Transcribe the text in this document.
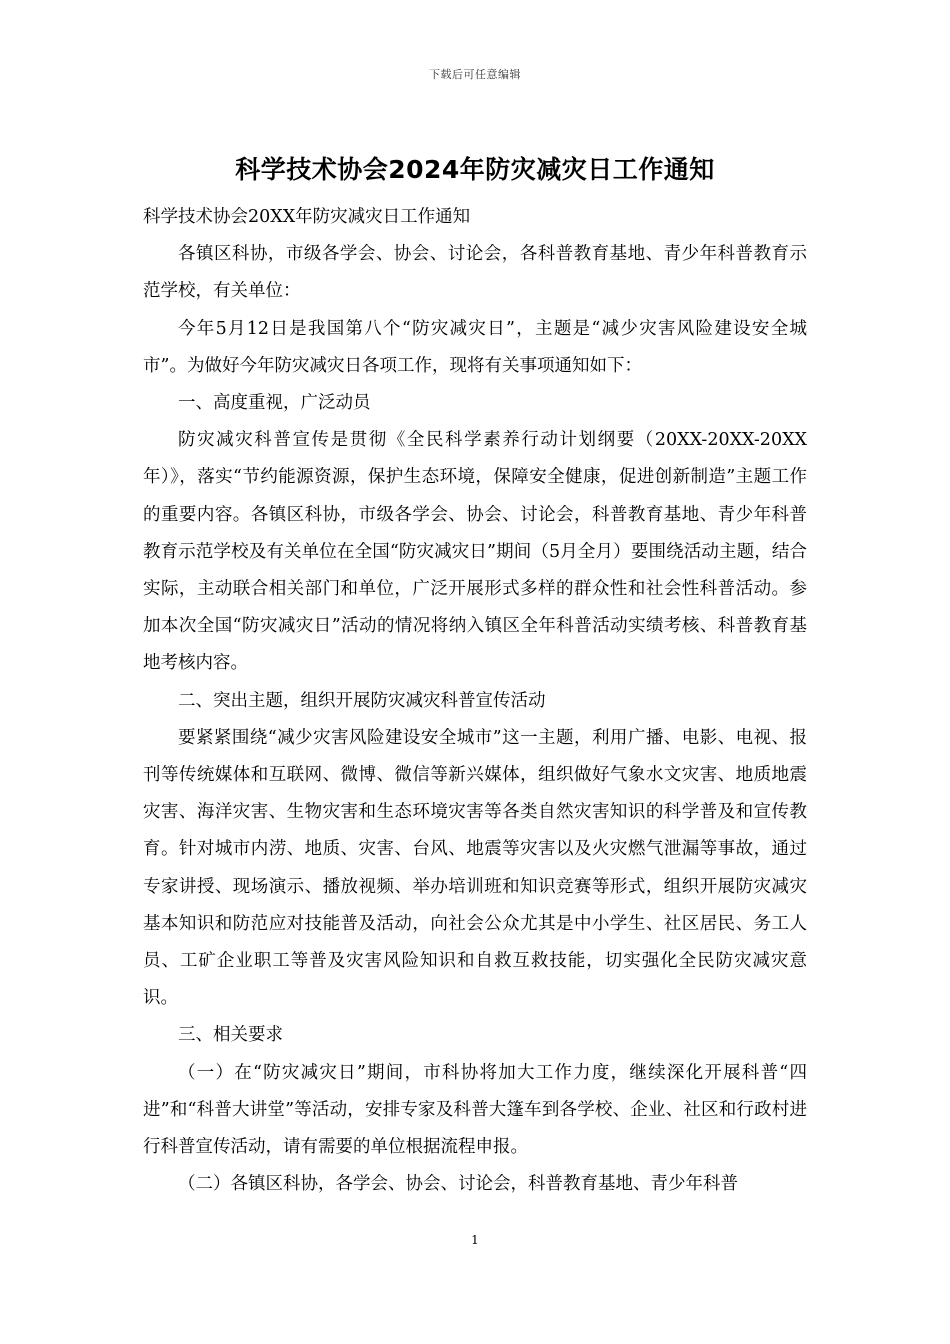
下载后可任意编辑
科学技术协会2024年防灾减灾日工作通知

科学技术协会20XX年防灾减灾日工作通知

各镇区科协，市级各学会、协会、讨论会，各科普教育基地、青少年科普教育示范学校，有关单位：

今年5月12日是我国第八个“防灾减灾日”，主题是“减少灾害风险建设安全城市”。为做好今年防灾减灾日各项工作，现将有关事项通知如下：

一、高度重视，广泛动员

防灾减灾科普宣传是贯彻《全民科学素养行动计划纲要（20XX-20XX-20XX年）》，落实“节约能源资源，保护生态环境，保障安全健康，促进创新制造”主题工作的重要内容。各镇区科协，市级各学会、协会、讨论会，科普教育基地、青少年科普教育示范学校及有关单位在全国“防灾减灾日”期间（5月全月）要围绕活动主题，结合实际，主动联合相关部门和单位，广泛开展形式多样的群众性和社会性科普活动。参加本次全国“防灾减灾日”活动的情况将纳入镇区全年科普活动实绩考核、科普教育基地考核内容。

二、突出主题，组织开展防灾减灾科普宣传活动

要紧紧围绕“减少灾害风险建设安全城市”这一主题，利用广播、电影、电视、报刊等传统媒体和互联网、微博、微信等新兴媒体，组织做好气象水文灾害、地质地震灾害、海洋灾害、生物灾害和生态环境灾害等各类自然灾害知识的科学普及和宣传教育。针对城市内涝、地质、灾害、台风、地震等灾害以及火灾燃气泄漏等事故，通过专家讲授、现场演示、播放视频、举办培训班和知识竞赛等形式，组织开展防灾减灾基本知识和防范应对技能普及活动，向社会公众尤其是中小学生、社区居民、务工人员、工矿企业职工等普及灾害风险知识和自救互救技能，切实强化全民防灾减灾意识。

三、相关要求

（一）在“防灾减灾日”期间，市科协将加大工作力度，继续深化开展科普“四进”和“科普大讲堂”等活动，安排专家及科普大篷车到各学校、企业、社区和行政村进行科普宣传活动，请有需要的单位根据流程申报。

（二）各镇区科协，各学会、协会、讨论会，科普教育基地、青少年科普

1
